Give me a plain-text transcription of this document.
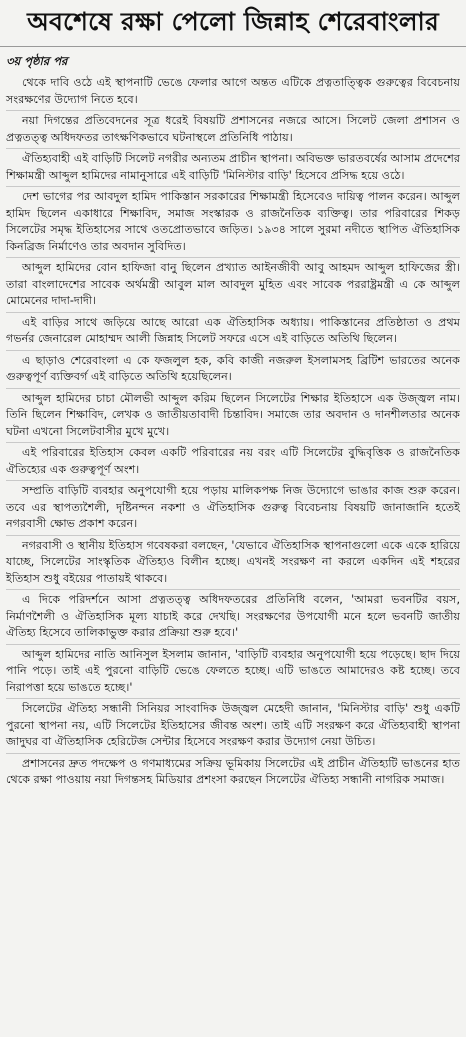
অবশেষে রক্ষা পেলো জিন্নাহ শেরেবাংলার
৩য় পৃষ্ঠার পর

থেকে দাবি ওঠে এই স্থাপনাটি ভেঙে ফেলার আগে অন্তত এটিকে প্রত্নতাত্ত্বিক গুরুত্বের বিবেচনায় সংরক্ষণের উদ্যোগ নিতে হবে।

নয়া দিগন্তের প্রতিবেদনের সূত্র ধরেই বিষয়টি প্রশাসনের নজরে আসে। সিলেট জেলা প্রশাসন ও প্রত্নতত্ত্ব অধিদফতর তাৎক্ষণিকভাবে ঘটনাস্থলে প্রতিনিধি পাঠায়।

ঐতিহ্যবাহী এই বাড়িটি সিলেট নগরীর অন্যতম প্রাচীন স্থাপনা। অবিভক্ত ভারতবর্ষের আসাম প্রদেশের শিক্ষামন্ত্রী আব্দুল হামিদের নামানুসারে এই বাড়িটি 'মিনিস্টার বাড়ি' হিসেবে প্রসিদ্ধ হয়ে ওঠে।

দেশ ভাগের পর আবদুল হামিদ পাকিস্তান সরকারের শিক্ষামন্ত্রী হিসেবেও দায়িত্ব পালন করেন। আব্দুল হামিদ ছিলেন একাধারে শিক্ষাবিদ, সমাজ সংস্কারক ও রাজনৈতিক ব্যক্তিত্ব। তার পরিবারের শিকড় সিলেটের সমৃদ্ধ ইতিহাসের সাথে ওতপ্রোতভাবে জড়িত। ১৯৩৪ সালে সুরমা নদীতে স্থাপিত ঐতিহাসিক কিনব্রিজ নির্মাণেও তার অবদান সুবিদিত।

আব্দুল হামিদের বোন হাফিজা বানু ছিলেন প্রখ্যাত আইনজীবী আবু আহমদ আব্দুল হাফিজের স্ত্রী। তারা বাংলাদেশের সাবেক অর্থমন্ত্রী আবুল মাল আবদুল মুহিত এবং সাবেক পররাষ্ট্রমন্ত্রী এ কে আব্দুল মোমেনের দাদা-দাদী।

এই বাড়ির সাথে জড়িয়ে আছে আরো এক ঐতিহাসিক অধ্যায়। পাকিস্তানের প্রতিষ্ঠাতা ও প্রথম গভর্নর জেনারেল মোহাম্মদ আলী জিন্নাহ সিলেট সফরে এসে এই বাড়িতে অতিথি ছিলেন।

এ ছাড়াও শেরেবাংলা এ কে ফজলুল হক, কবি কাজী নজরুল ইসলামসহ ব্রিটিশ ভারতের অনেক গুরুত্বপূর্ণ ব্যক্তিবর্গ এই বাড়িতে অতিথি হয়েছিলেন।

আব্দুল হামিদের চাচা মৌলভী আব্দুল করিম ছিলেন সিলেটের শিক্ষার ইতিহাসে এক উজ্জ্বল নাম। তিনি ছিলেন শিক্ষাবিদ, লেখক ও জাতীয়তাবাদী চিন্তাবিদ। সমাজে তার অবদান ও দানশীলতার অনেক ঘটনা এখনো সিলেটবাসীর মুখে মুখে।

এই পরিবারের ইতিহাস কেবল একটি পরিবারের নয় বরং এটি সিলেটের বুদ্ধিবৃত্তিক ও রাজনৈতিক ঐতিহ্যের এক গুরুত্বপূর্ণ অংশ।

সম্প্রতি বাড়িটি ব্যবহার অনুপযোগী হয়ে পড়ায় মালিকপক্ষ নিজ উদ্যোগে ভাঙার কাজ শুরু করেন। তবে এর স্থাপত্যশৈলী, দৃষ্টিনন্দন নকশা ও ঐতিহাসিক গুরুত্ব বিবেচনায় বিষয়টি জানাজানি হতেই নগরবাসী ক্ষোভ প্রকাশ করেন।

নগরবাসী ও স্থানীয় ইতিহাস গবেষকরা বলছেন, 'যেভাবে ঐতিহাসিক স্থাপনাগুলো একে একে হারিয়ে যাচ্ছে, সিলেটের সাংস্কৃতিক ঐতিহ্যও বিলীন হচ্ছে। এখনই সংরক্ষণ না করলে একদিন এই শহরের ইতিহাস শুধু বইয়ের পাতায়ই থাকবে।

এ দিকে পরিদর্শনে আসা প্রত্নতত্ত্ব অধিদফতরের প্রতিনিধি বলেন, 'আমরা ভবনটির বয়স, নির্মাণশৈলী ও ঐতিহাসিক মূল্য যাচাই করে দেখছি। সংরক্ষণের উপযোগী মনে হলে ভবনটি জাতীয় ঐতিহ্য হিসেবে তালিকাভুক্ত করার প্রক্রিয়া শুরু হবে।'

আব্দুল হামিদের নাতি আনিসুল ইসলাম জানান, 'বাড়িটি ব্যবহার অনুপযোগী হয়ে পড়েছে। ছাদ দিয়ে পানি পড়ে। তাই এই পুরনো বাড়িটি ভেঙে ফেলতে হচ্ছে। এটি ভাঙতে আমাদেরও কষ্ট হচ্ছে। তবে নিরাপত্তা হয়ে ভাঙতে হচ্ছে।'

সিলেটের ঐতিহ্য সন্ধানী সিনিয়র সাংবাদিক উজ্জ্বল মেহেদী জানান, 'মিনিস্টার বাড়ি' শুধু একটি পুরনো স্থাপনা নয়, এটি সিলেটের ইতিহাসের জীবন্ত অংশ। তাই এটি সংরক্ষণ করে ঐতিহ্যবাহী স্থাপনা জাদুঘর বা ঐতিহাসিক হেরিটেজ সেন্টার হিসেবে সংরক্ষণ করার উদ্যোগ নেয়া উচিত।

প্রশাসনের দ্রুত পদক্ষেপ ও গণমাধ্যমের সক্রিয় ভূমিকায় সিলেটের এই প্রাচীন ঐতিহ্যটি ভাঙনের হাত থেকে রক্ষা পাওয়ায় নয়া দিগন্তসহ মিডিয়ার প্রশংসা করছেন সিলেটের ঐতিহ্য সন্ধানী নাগরিক সমাজ।
